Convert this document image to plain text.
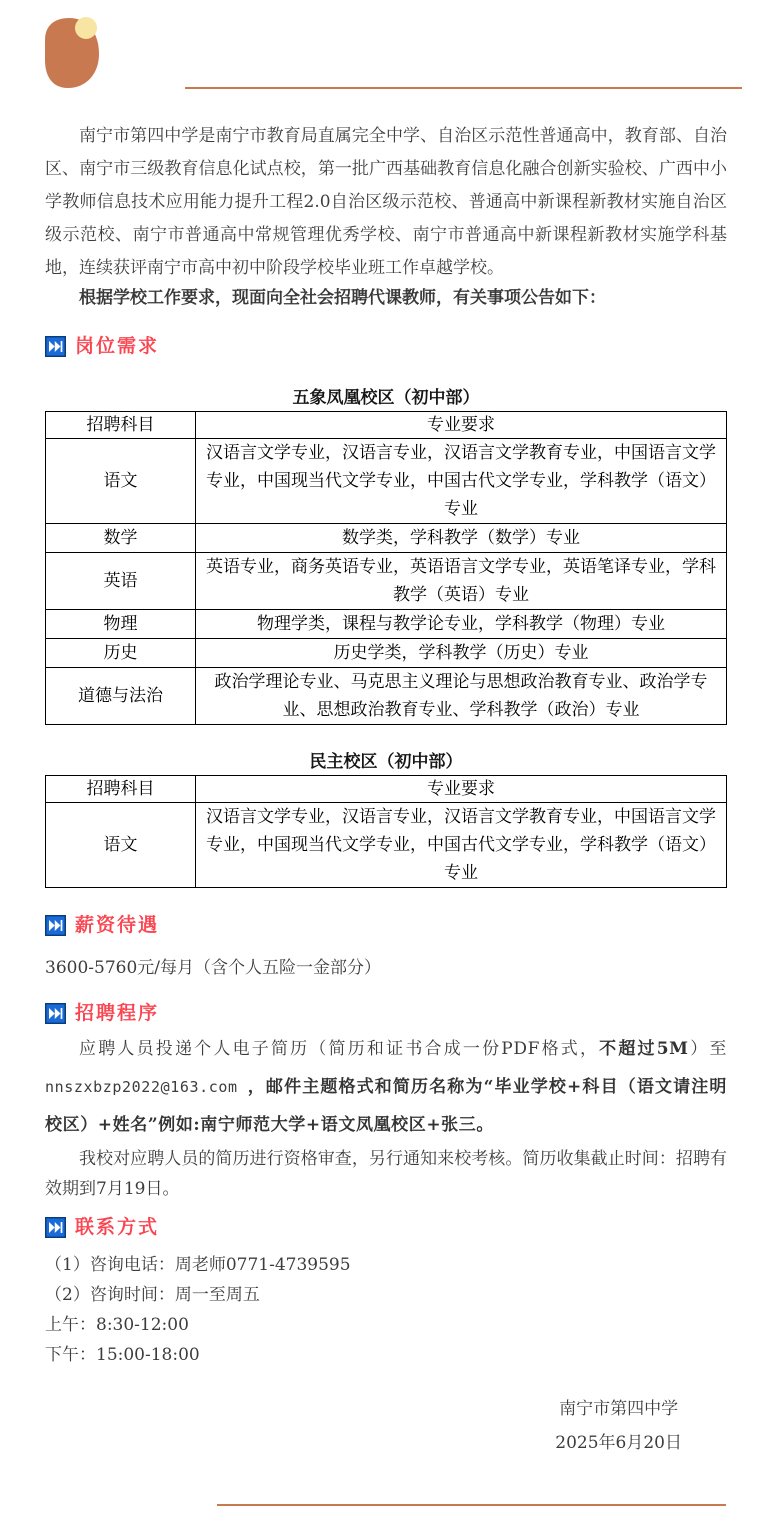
南宁市第四中学是南宁市教育局直属完全中学、自治区示范性普通高中，教育部、自治区、南宁市三级教育信息化试点校，第一批广西基础教育信息化融合创新实验校、广西中小学教师信息技术应用能力提升工程2.0自治区级示范校、普通高中新课程新教材实施自治区级示范校、南宁市普通高中常规管理优秀学校、南宁市普通高中新课程新教材实施学科基地，连续获评南宁市高中初中阶段学校毕业班工作卓越学校。

根据学校工作要求，现面向全社会招聘代课教师，有关事项公告如下：

岗位需求
五象凤凰校区（初中部）
招聘科目	专业要求
语文	汉语言文学专业，汉语言专业，汉语言文学教育专业，中国语言文学专业，中国现当代文学专业，中国古代文学专业，学科教学（语文）专业
数学	数学类，学科教学（数学）专业
英语	英语专业，商务英语专业，英语语言文学专业，英语笔译专业，学科教学（英语）专业
物理	物理学类，课程与教学论专业，学科教学（物理）专业
历史	历史学类，学科教学（历史）专业
道德与法治	政治学理论专业、马克思主义理论与思想政治教育专业、政治学专业、思想政治教育专业、学科教学（政治）专业
民主校区（初中部）
招聘科目	专业要求
语文	汉语言文学专业，汉语言专业，汉语言文学教育专业，中国语言文学专业，中国现当代文学专业，中国古代文学专业，学科教学（语文）专业
薪资待遇

3600-5760元/每月（含个人五险一金部分）

招聘程序

应聘人员投递个人电子简历（简历和证书合成一份PDF格式，不超过5M）至nnszxbzp2022@163.com ，邮件主题格式和简历名称为“毕业学校+科目（语文请注明校区）+姓名”例如:南宁师范大学+语文凤凰校区+张三。

我校对应聘人员的简历进行资格审查，另行通知来校考核。简历收集截止时间：招聘有效期到7月19日。

联系方式

（1）咨询电话：周老师0771-4739595

（2）咨询时间：周一至周五

上午：8:30-12:00

下午：15:00-18:00

南宁市第四中学
2025年6月20日
